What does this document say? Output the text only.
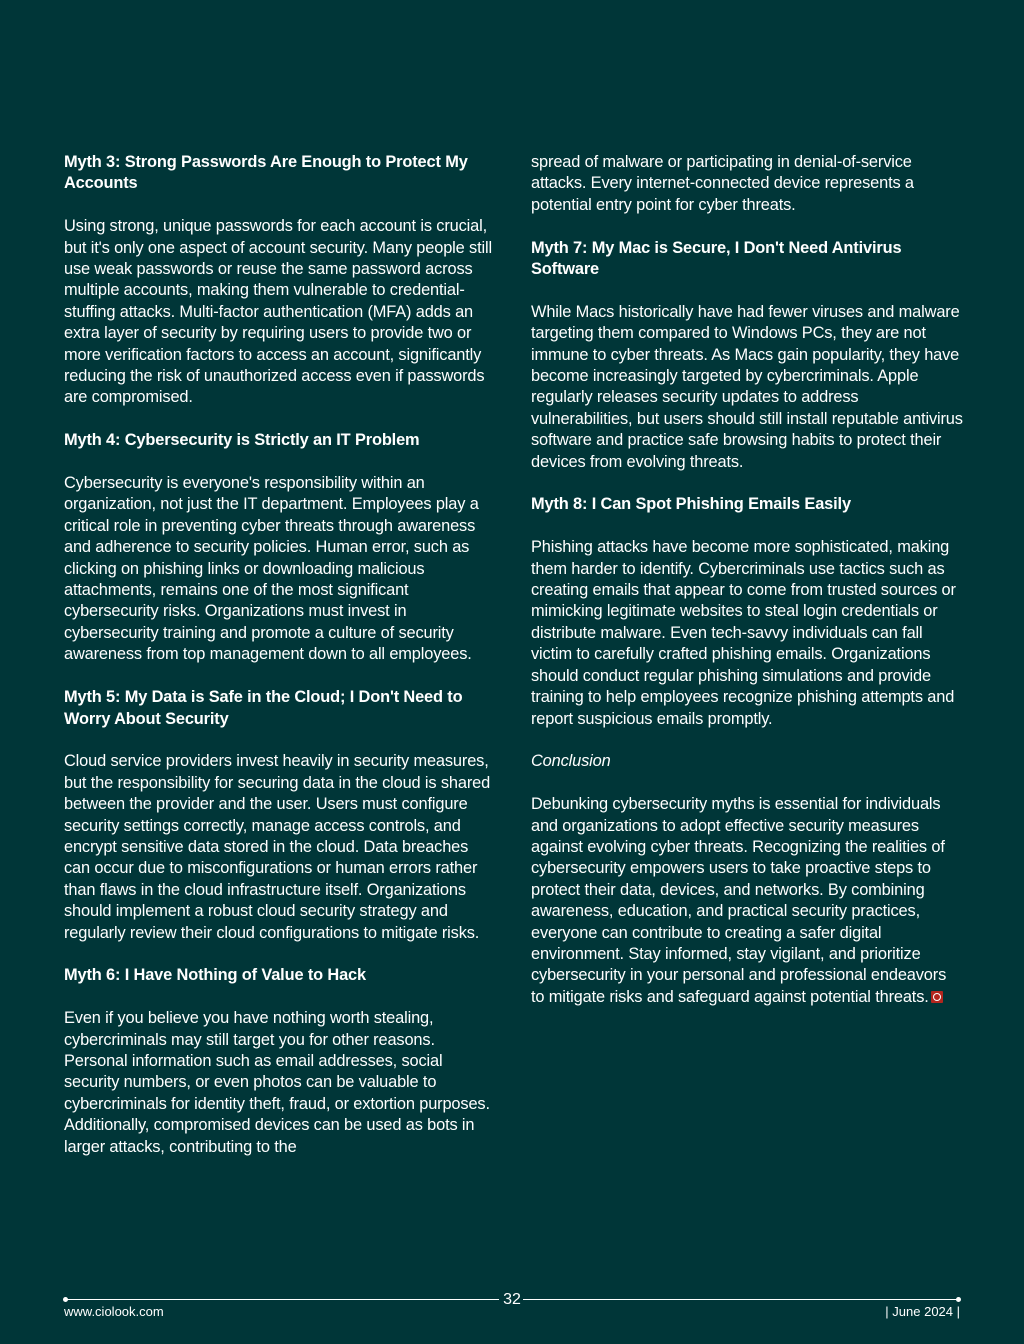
Myth 3: Strong Passwords Are Enough to Protect My Accounts

Using strong, unique passwords for each account is crucial, but it's only one aspect of account security. Many people still use weak passwords or reuse the same password across multiple accounts, making them vulnerable to credential-stuffing attacks. Multi-factor authentication (MFA) adds an extra layer of security by requiring users to provide two or more verification factors to access an account, significantly reducing the risk of unauthorized access even if passwords are compromised.

Myth 4: Cybersecurity is Strictly an IT Problem

Cybersecurity is everyone's responsibility within an organization, not just the IT department. Employees play a critical role in preventing cyber threats through awareness and adherence to security policies. Human error, such as clicking on phishing links or downloading malicious attachments, remains one of the most significant cybersecurity risks. Organizations must invest in cybersecurity training and promote a culture of security awareness from top management down to all employees.

Myth 5: My Data is Safe in the Cloud; I Don't Need to Worry About Security

Cloud service providers invest heavily in security measures, but the responsibility for securing data in the cloud is shared between the provider and the user. Users must configure security settings correctly, manage access controls, and encrypt sensitive data stored in the cloud. Data breaches can occur due to misconfigurations or human errors rather than flaws in the cloud infrastructure itself. Organizations should implement a robust cloud security strategy and regularly review their cloud configurations to mitigate risks.

Myth 6: I Have Nothing of Value to Hack

Even if you believe you have nothing worth stealing, cybercriminals may still target you for other reasons. Personal information such as email addresses, social security numbers, or even photos can be valuable to cybercriminals for identity theft, fraud, or extortion purposes. Additionally, compromised devices can be used as bots in larger attacks, contributing to the

spread of malware or participating in denial-of-service attacks. Every internet-connected device represents a potential entry point for cyber threats.

Myth 7: My Mac is Secure, I Don't Need Antivirus Software

While Macs historically have had fewer viruses and malware targeting them compared to Windows PCs, they are not immune to cyber threats. As Macs gain popularity, they have become increasingly targeted by cybercriminals. Apple regularly releases security updates to address vulnerabilities, but users should still install reputable antivirus software and practice safe browsing habits to protect their devices from evolving threats.

Myth 8: I Can Spot Phishing Emails Easily

Phishing attacks have become more sophisticated, making them harder to identify. Cybercriminals use tactics such as creating emails that appear to come from trusted sources or mimicking legitimate websites to steal login credentials or distribute malware. Even tech-savvy individuals can fall victim to carefully crafted phishing emails. Organizations should conduct regular phishing simulations and provide training to help employees recognize phishing attempts and report suspicious emails promptly.

Conclusion

Debunking cybersecurity myths is essential for individuals and organizations to adopt effective security measures against evolving cyber threats. Recognizing the realities of cybersecurity empowers users to take proactive steps to protect their data, devices, and networks. By combining awareness, education, and practical security practices, everyone can contribute to creating a safer digital environment. Stay informed, stay vigilant, and prioritize cybersecurity in your personal and professional endeavors to mitigate risks and safeguard against potential threats.

32
www.ciolook.com	| June 2024 |
